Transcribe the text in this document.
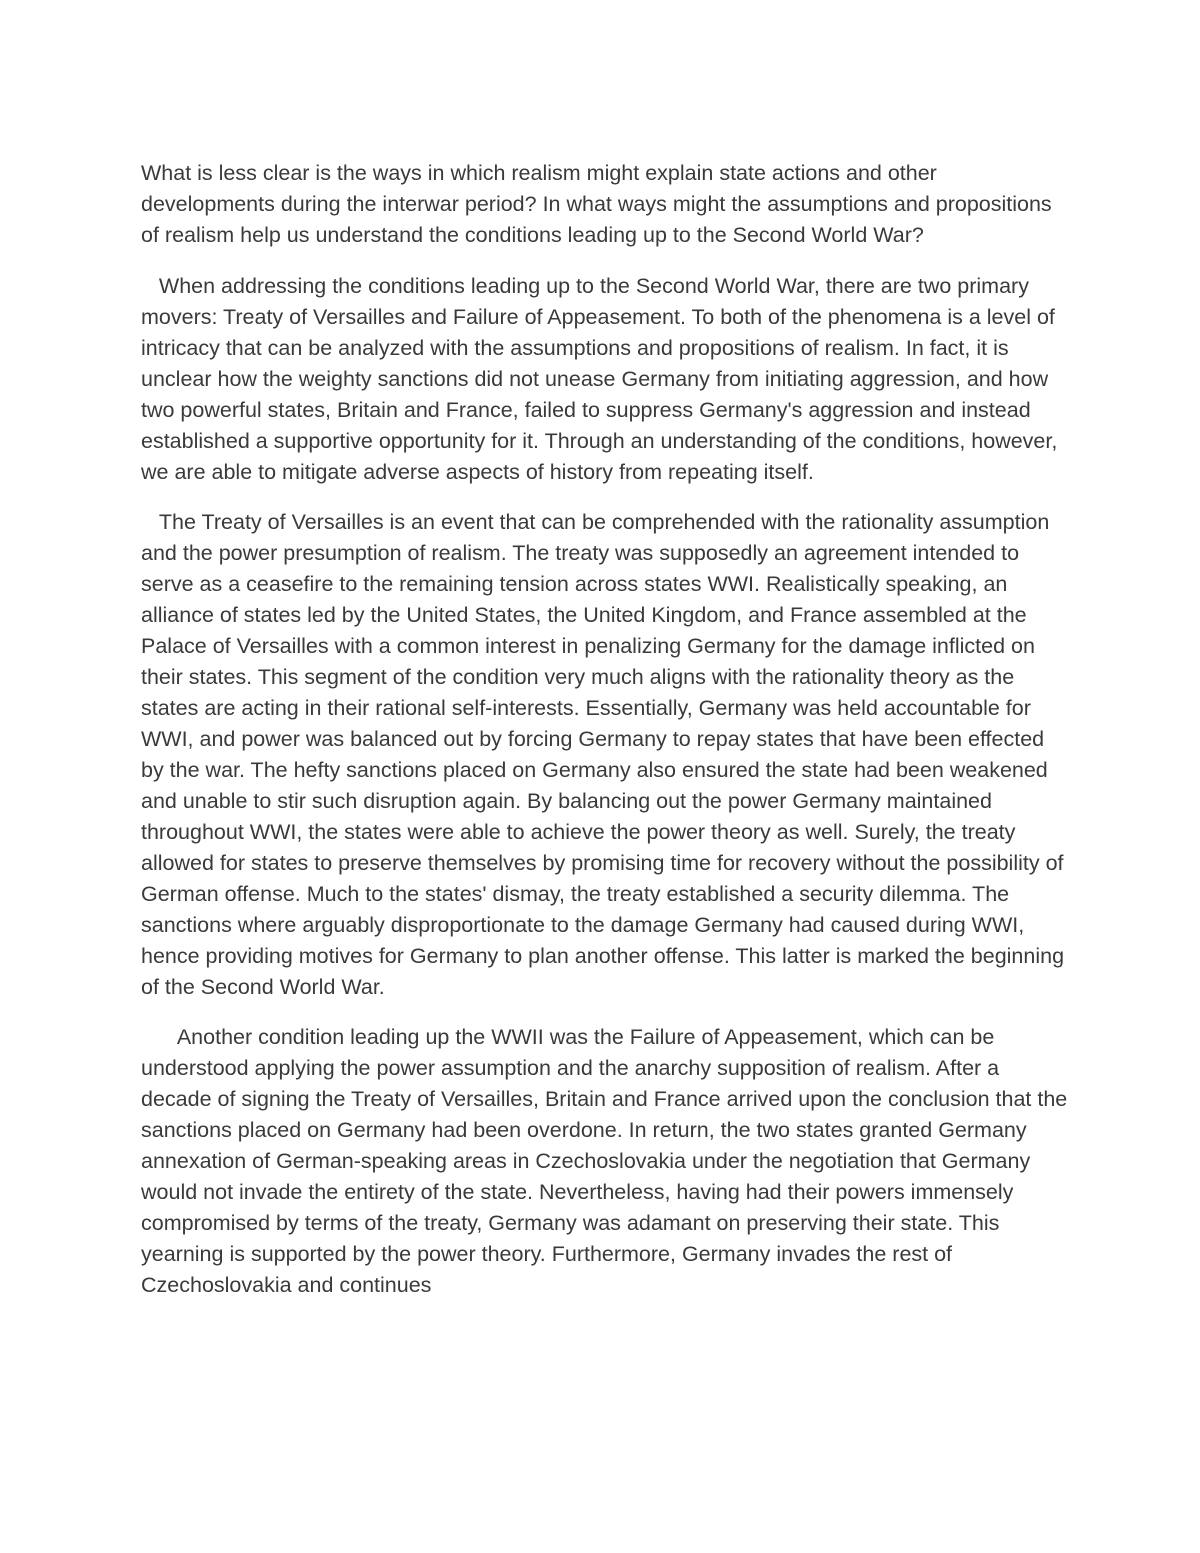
What is less clear is the ways in which realism might explain state actions and other developments during the interwar period? In what ways might the assumptions and propositions of realism help us understand the conditions leading up to the Second World War?

When addressing the conditions leading up to the Second World War, there are two primary movers: Treaty of Versailles and Failure of Appeasement. To both of the phenomena is a level of intricacy that can be analyzed with the assumptions and propositions of realism. In fact, it is unclear how the weighty sanctions did not unease Germany from initiating aggression, and how two powerful states, Britain and France, failed to suppress Germany's aggression and instead established a supportive opportunity for it. Through an understanding of the conditions, however, we are able to mitigate adverse aspects of history from repeating itself.

The Treaty of Versailles is an event that can be comprehended with the rationality assumption and the power presumption of realism. The treaty was supposedly an agreement intended to serve as a ceasefire to the remaining tension across states WWI. Realistically speaking, an alliance of states led by the United States, the United Kingdom, and France assembled at the Palace of Versailles with a common interest in penalizing Germany for the damage inflicted on their states. This segment of the condition very much aligns with the rationality theory as the states are acting in their rational self-interests. Essentially, Germany was held accountable for WWI, and power was balanced out by forcing Germany to repay states that have been effected by the war. The hefty sanctions placed on Germany also ensured the state had been weakened and unable to stir such disruption again. By balancing out the power Germany maintained throughout WWI, the states were able to achieve the power theory as well. Surely, the treaty allowed for states to preserve themselves by promising time for recovery without the possibility of German offense. Much to the states' dismay, the treaty established a security dilemma. The sanctions where arguably disproportionate to the damage Germany had caused during WWI, hence providing motives for Germany to plan another offense. This latter is marked the beginning of the Second World War.

Another condition leading up the WWII was the Failure of Appeasement, which can be understood applying the power assumption and the anarchy supposition of realism. After a decade of signing the Treaty of Versailles, Britain and France arrived upon the conclusion that the sanctions placed on Germany had been overdone. In return, the two states granted Germany annexation of German-speaking areas in Czechoslovakia under the negotiation that Germany would not invade the entirety of the state. Nevertheless, having had their powers immensely compromised by terms of the treaty, Germany was adamant on preserving their state. This yearning is supported by the power theory. Furthermore, Germany invades the rest of Czechoslovakia and continues
